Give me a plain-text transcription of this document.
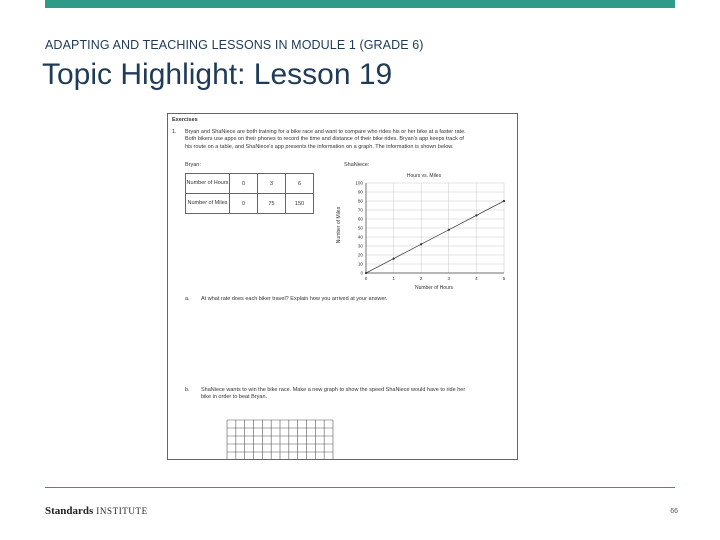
ADAPTING AND TEACHING LESSONS IN MODULE 1 (GRADE 6)
Topic Highlight: Lesson 19
Exercises
1. Bryan and ShaNiece are both training for a bike race and want to compare who rides his or her bike at a faster rate.
Both bikers use apps on their phones to record the time and distance of their bike rides. Bryan's app keeps track of
his route on a table, and ShaNiece's app presents the information on a graph. The information is shown below.
Bryan:	ShaNiece:
Number of Hours	0	3	6
Number of Miles	0	75	150
Hours vs. Miles
Number of Miles
Number of Hours
0
10
20
30
40
50
60
70
80
90
100
0	1	2	3	4	5
a. At what rate does each biker travel? Explain how you arrived at your answer.
b. ShaNiece wants to win the bike race. Make a new graph to show the speed ShaNiece would have to ride her
bike in order to beat Bryan.
Standards INSTITUTE	66
